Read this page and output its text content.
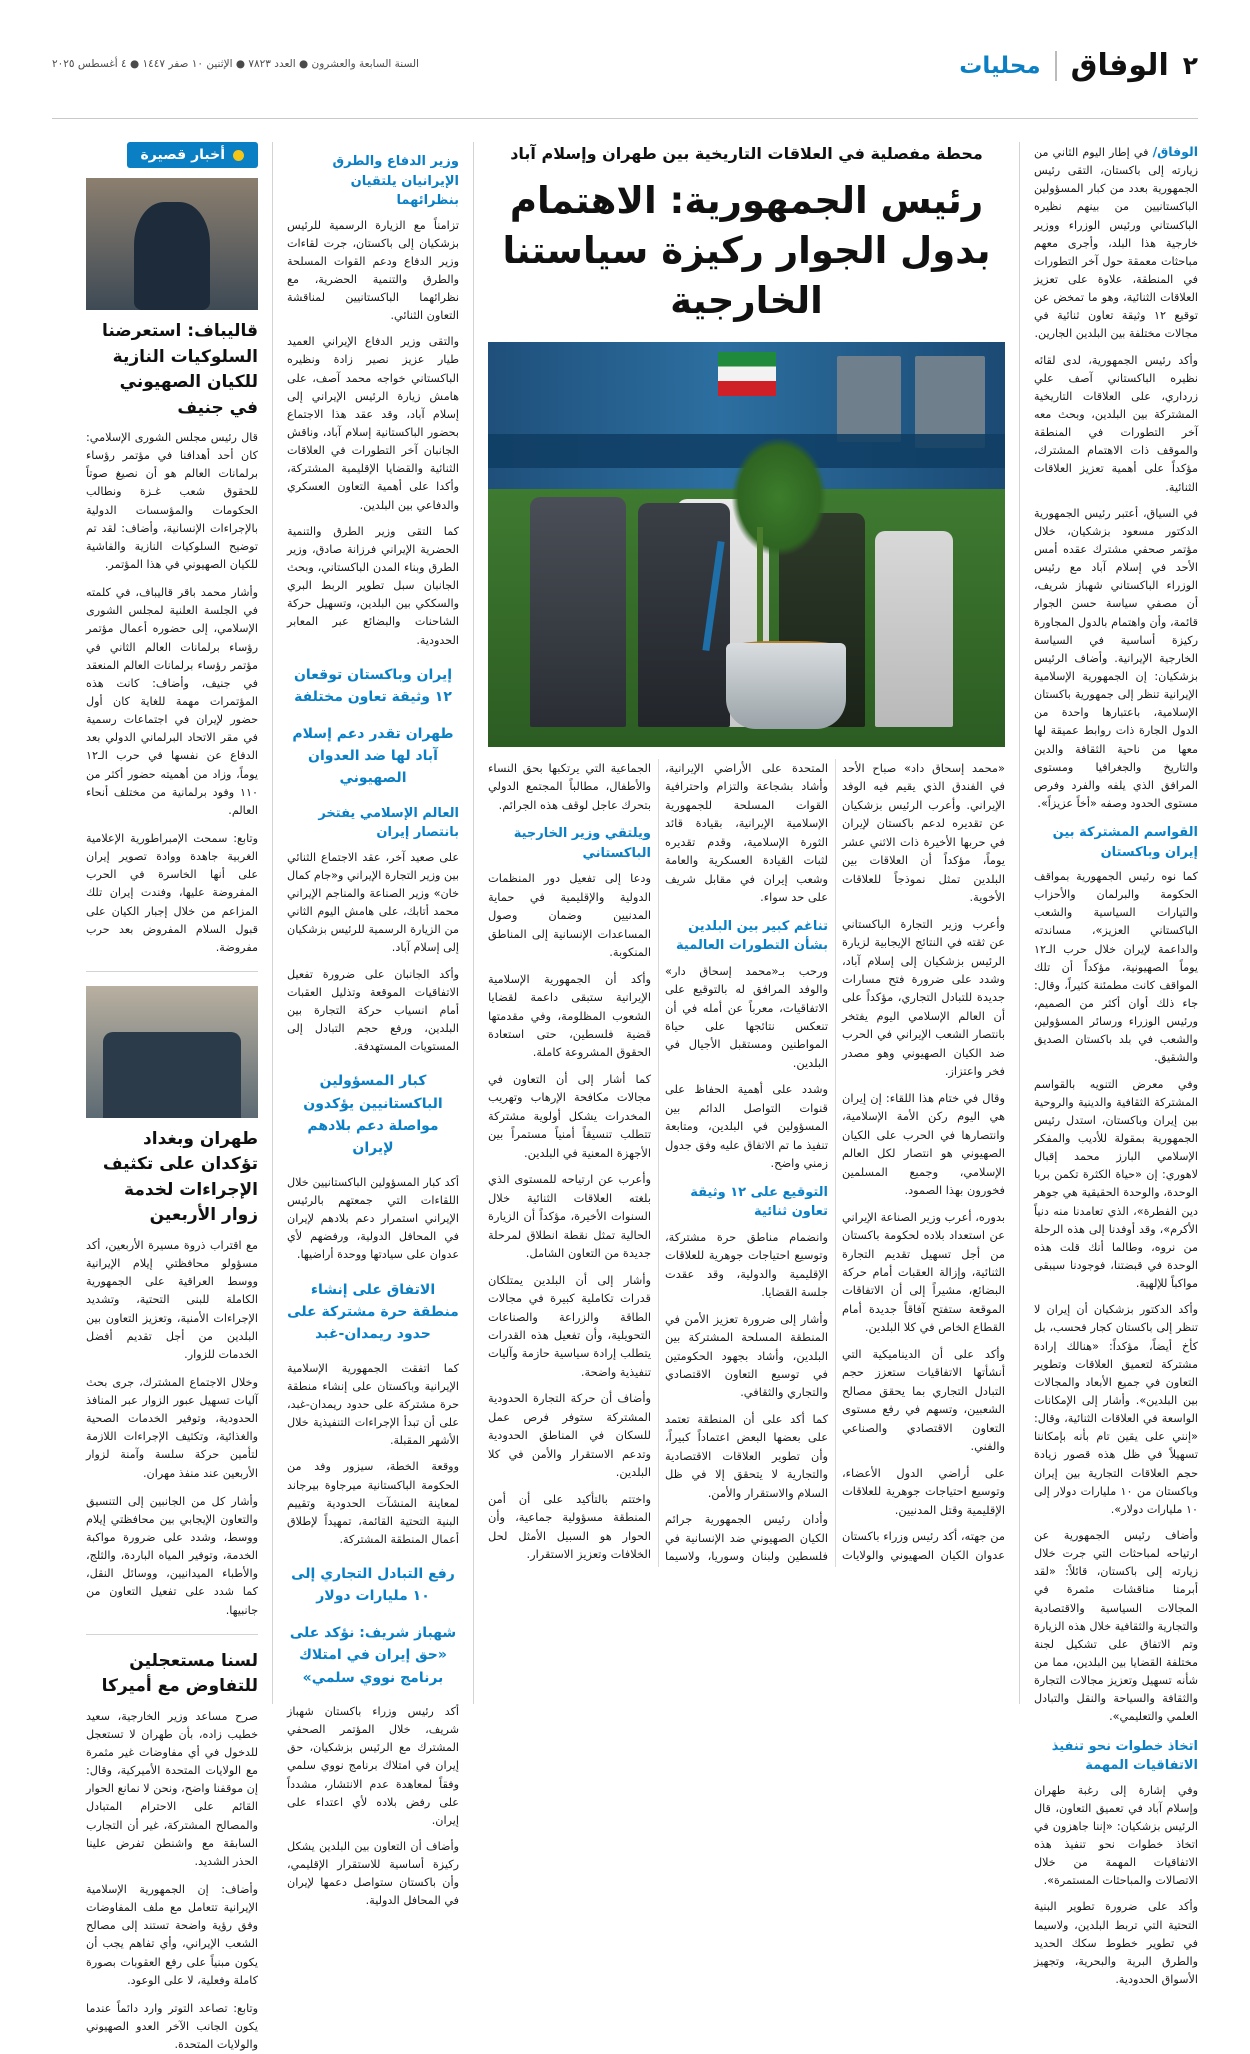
٢
الوفاق
محليات
السنة السابعة والعشرون ● العدد ٧٨٢٣ ● الإثنين ١٠ صفر ١٤٤٧ ● ٤ أغسطس ٢٠٢٥

الوفاق/ في إطار اليوم الثاني من زيارته إلى باكستان، التقى رئيس الجمهورية بعدد من كبار المسؤولين الباكستانيين من بينهم نظيره الباكستاني ورئيس الوزراء ووزير خارجية هذا البلد، وأجرى معهم مباحثات معمقة حول آخر التطورات في المنطقة، علاوة على تعزيز العلاقات الثنائية، وهو ما تمخض عن توقيع ١٢ وثيقة تعاون ثنائية في مجالات مختلفة بين البلدين الجارين.

وأكد رئيس الجمهورية، لدى لقائه نظيره الباكستاني آصف علي زرداري، على العلاقات التاريخية المشتركة بين البلدين، وبحث معه آخر التطورات في المنطقة والموقف ذات الاهتمام المشترك، مؤكداً على أهمية تعزيز العلاقات الثنائية.

في السياق، أعتبر رئيس الجمهورية الدكتور مسعود بزشكيان، خلال مؤتمر صحفي مشترك عقده أمس الأحد في إسلام آباد مع رئيس الوزراء الباكستاني شهباز شريف، أن مصفي سياسة حسن الجوار قائمة، وأن واهتمام بالدول المجاورة ركيزة أساسية في السياسة الخارجية الإيرانية. وأضاف الرئيس بزشكيان: إن الجمهورية الإسلامية الإيرانية تنظر إلى جمهورية باكستان الإسلامية، باعتبارها واحدة من الدول الجارة ذات روابط عميقة لها معها من ناحية الثقافة والدين والتاريخ والجغرافيا ومستوى المرافق الذي يلفه والفرد وفرص مستوى الحدود وصفه «أخاً عزيزاً».

القواسم المشتركة بين إيران وباكستان

كما نوه رئيس الجمهورية بمواقف الحكومة والبرلمان والأحزاب والتيارات السياسية والشعب الباكستاني العزيز»، مساندته والداعمة لإيران خلال حرب الـ١٢ يوماً الصهيونية، مؤكداً أن تلك المواقف كانت مطمئنة كثيراً، وقال: جاء ذلك أوان أكثر من الصميم، ورئيس الوزراء ورسائر المسؤولين والشعب في بلد باكستان الصديق والشقيق.

وفي معرض التنويه بالقواسم المشتركة الثقافية والدينية والروحية بين إيران وباكستان، استدل رئيس الجمهورية بمقولة للأديب والمفكر الإسلامي البارز محمد إقبال لاهوري: إن «حياة الكثرة تكمن بربا الوحدة، والوحدة الحقيقية هي جوهر دين الفطرة»، الذي تعامدنا منه دنياً الأكرم»، وقد أوفدنا إلى هذه الرحلة من نروه، وطالما أنك قلت هذه الوحدة في قبضتنا، فوجودنا سيبقى مواكباً للإلهية.

وأكد الدكتور بزشكيان أن إيران لا تنظر إلى باكستان كجار فحسب، بل كأخ أيضاً، مؤكداً: «هنالك إرادة مشتركة لتعميق العلاقات وتطوير التعاون في جميع الأبعاد والمجالات بين البلدين». وأشار إلى الإمكانات الواسعة في العلاقات الثنائية، وقال: «إنني على يقين تام بأنه بإمكاننا تسهيلاً في ظل هذه قصور زيادة حجم العلاقات التجارية بين إيران وباكستان من ١٠ مليارات دولار إلى ١٠ مليارات دولار».

وأضاف رئيس الجمهورية عن ارتياحه لمباحثات التي جرت خلال زيارته إلى باكستان، قائلاً: «لقد أبرمنا مناقشات مثمرة في المجالات السياسية والاقتصادية والتجارية والثقافية خلال هذه الزيارة وتم الاتفاق على تشكيل لجنة مختلفة القضايا بين البلدين، مما من شأنه تسهيل وتعزيز مجالات التجارة والثقافة والسياحة والنقل والتبادل العلمي والتعليمي».

اتخاذ خطوات نحو تنفيذ الاتفاقيات المهمة

وفي إشارة إلى رغبة طهران وإسلام آباد في تعميق التعاون، قال الرئيس بزشكيان: «إننا جاهزون في اتخاذ خطوات نحو تنفيذ هذه الاتفاقيات المهمة من خلال الاتصالات والمباحثات المستمرة».

وأكد على ضرورة تطوير البنية التحتية التي تربط البلدين، ولاسيما في تطوير خطوط سكك الحديد والطرق البرية والبحرية، وتجهيز الأسواق الحدودية.

محطة مفصلية في العلاقات التاريخية بين طهران وإسلام آباد
رئيس الجمهورية: الاهتمام بدول الجوار ركيزة سياستنا الخارجية

«محمد إسحاق داد» صباح الأحد في الفندق الذي يقيم فيه الوفد الإيراني. وأعرب الرئيس بزشكيان عن تقديره لدعم باكستان لإيران في حربها الأخيرة ذات الاثني عشر يوماً، مؤكداً أن العلاقات بين البلدين تمثل نموذجاً للعلاقات الأخوية.

وأعرب وزير التجارة الباكستاني عن ثقته في النتائج الإيجابية لزيارة الرئيس بزشكيان إلى إسلام آباد، وشدد على ضرورة فتح مسارات جديدة للتبادل التجاري، مؤكداً على أن العالم الإسلامي اليوم يفتخر بانتصار الشعب الإيراني في الحرب ضد الكيان الصهيوني وهو مصدر فخر واعتزاز.

وقال في ختام هذا اللقاء: إن إيران هي اليوم ركن الأمة الإسلامية، وانتصارها في الحرب على الكيان الصهيوني هو انتصار لكل العالم الإسلامي، وجميع المسلمين فخورون بهذا الصمود.

بدوره، أعرب وزير الصناعة الإيراني عن استعداد بلاده لحكومة باكستان من أجل تسهيل تقديم التجارة الثنائية، وإزالة العقبات أمام حركة البضائع، مشيراً إلى أن الاتفاقات الموقعة ستفتح آفاقاً جديدة أمام القطاع الخاص في كلا البلدين.

وأكد على أن الديناميكية التي أنشأتها الاتفاقيات ستعزز حجم التبادل التجاري بما يحقق مصالح الشعبين، وتسهم في رفع مستوى التعاون الاقتصادي والصناعي والفني.

على أراضي الدول الأعضاء، وتوسيع احتياجات جوهرية للعلاقات الإقليمية وقتل المدنيين.

من جهته، أكد رئيس وزراء باكستان عدوان الكيان الصهيوني والولايات المتحدة على الأراضي الإيرانية، وأشاد بشجاعة والتزام واحترافية القوات المسلحة للجمهورية الإسلامية الإيرانية، بقيادة قائد الثورة الإسلامية، وقدم تقديره لثبات القيادة العسكرية والعامة وشعب إيران في مقابل شريف على حد سواء.

تناغم كبير بين البلدين بشأن التطورات العالمية

ورحب بـ«محمد إسحاق دار» والوفد المرافق له بالتوقيع على الاتفاقيات، معرباً عن أمله في أن تنعكس نتائجها على حياة المواطنين ومستقبل الأجيال في البلدين.

وشدد على أهمية الحفاظ على قنوات التواصل الدائم بين المسؤولين في البلدين، ومتابعة تنفيذ ما تم الاتفاق عليه وفق جدول زمني واضح.

التوقيع على ١٢ وثيقة تعاون ثنائية

وانضمام مناطق حرة مشتركة، وتوسيع احتياجات جوهرية للعلاقات الإقليمية والدولية، وقد عقدت جلسة القضايا.

وأشار إلى ضرورة تعزيز الأمن في المنطقة المسلحة المشتركة بين البلدين، وأشاد بجهود الحكومتين في توسيع التعاون الاقتصادي والتجاري والثقافي.

كما أكد على أن المنطقة تعتمد على بعضها البعض اعتماداً كبيراً، وأن تطوير العلاقات الاقتصادية والتجارية لا يتحقق إلا في ظل السلام والاستقرار والأمن.

وأدان رئيس الجمهورية جرائم الكيان الصهيوني ضد الإنسانية في فلسطين ولبنان وسوريا، ولاسيما الجماعية التي يرتكبها بحق النساء والأطفال، مطالباً المجتمع الدولي بتحرك عاجل لوقف هذه الجرائم.

ويلتقي وزير الخارجية الباكستاني

ودعا إلى تفعيل دور المنظمات الدولية والإقليمية في حماية المدنيين وضمان وصول المساعدات الإنسانية إلى المناطق المنكوبة.

وأكد أن الجمهورية الإسلامية الإيرانية ستبقى داعمة لقضايا الشعوب المظلومة، وفي مقدمتها قضية فلسطين، حتى استعادة الحقوق المشروعة كاملة.

كما أشار إلى أن التعاون في مجالات مكافحة الإرهاب وتهريب المخدرات يشكل أولوية مشتركة تتطلب تنسيقاً أمنياً مستمراً بين الأجهزة المعنية في البلدين.

وأعرب عن ارتياحه للمستوى الذي بلغته العلاقات الثنائية خلال السنوات الأخيرة، مؤكداً أن الزيارة الحالية تمثل نقطة انطلاق لمرحلة جديدة من التعاون الشامل.

وأشار إلى أن البلدين يمتلكان قدرات تكاملية كبيرة في مجالات الطاقة والزراعة والصناعات التحويلية، وأن تفعيل هذه القدرات يتطلب إرادة سياسية حازمة وآليات تنفيذية واضحة.

وأضاف أن حركة التجارة الحدودية المشتركة ستوفر فرص عمل للسكان في المناطق الحدودية وتدعم الاستقرار والأمن في كلا البلدين.

واختتم بالتأكيد على أن أمن المنطقة مسؤولية جماعية، وأن الحوار هو السبيل الأمثل لحل الخلافات وتعزيز الاستقرار.

وزير الدفاع والطرق الإيرانيان يلتقيان بنظرائهما

تزامناً مع الزيارة الرسمية للرئيس بزشكيان إلى باكستان، جرت لقاءات وزير الدفاع ودعم القوات المسلحة والطرق والتنمية الحضرية، مع نظرائهما الباكستانيين لمناقشة التعاون الثنائي.

والتقى وزير الدفاع الإيراني العميد طيار عزيز نصير زادة ونظيره الباكستاني خواجه محمد آصف، على هامش زيارة الرئيس الإيراني إلى إسلام آباد، وقد عقد هذا الاجتماع بحضور الباكستانية إسلام آباد، وناقش الجانبان آخر التطورات في العلاقات الثنائية والقضايا الإقليمية المشتركة، وأكدا على أهمية التعاون العسكري والدفاعي بين البلدين.

كما التقى وزير الطرق والتنمية الحضرية الإيراني فرزانة صادق، وزير الطرق وبناء المدن الباكستاني، وبحث الجانبان سبل تطوير الربط البري والسككي بين البلدين، وتسهيل حركة الشاحنات والبضائع عبر المعابر الحدودية.

إيران وباكستان توقعان ١٢ وثيقة تعاون مختلفة
طهران تقدر دعم إسلام آباد لها ضد العدوان الصهيوني
العالم الإسلامي يفتخر بانتصار إيران

على صعيد آخر، عقد الاجتماع الثنائي بين وزير التجارة الإيراني و«جام كمال خان» وزير الصناعة والمناجم الإيراني محمد أتابك، على هامش اليوم الثاني من الزيارة الرسمية للرئيس بزشكيان إلى إسلام آباد.

وأكد الجانبان على ضرورة تفعيل الاتفاقيات الموقعة وتذليل العقبات أمام انسياب حركة التجارة بين البلدين، ورفع حجم التبادل إلى المستويات المستهدفة.

كبار المسؤولين الباكستانيين يؤكدون مواصلة دعم بلادهم لإيران

أكد كبار المسؤولين الباكستانيين خلال اللقاءات التي جمعتهم بالرئيس الإيراني استمرار دعم بلادهم لإيران في المحافل الدولية، ورفضهم لأي عدوان على سيادتها ووحدة أراضيها.

الاتفاق على إنشاء منطقة حرة مشتركة على حدود ريمدان-غبد

كما اتفقت الجمهورية الإسلامية الإيرانية وباكستان على إنشاء منطقة حرة مشتركة على حدود ريمدان-غبد، على أن تبدأ الإجراءات التنفيذية خلال الأشهر المقبلة.

ووقعة الخطة، سيزور وفد من الحكومة الباكستانية ميرجاوة بيرجاند لمعاينة المنشآت الحدودية وتقييم البنية التحتية القائمة، تمهيداً لإطلاق أعمال المنطقة المشتركة.

رفع التبادل التجاري إلى ١٠ مليارات دولار
شهباز شريف: نؤكد على «حق إيران في امتلاك برنامج نووي سلمي»

أكد رئيس وزراء باكستان شهباز شريف، خلال المؤتمر الصحفي المشترك مع الرئيس بزشكيان، حق إيران في امتلاك برنامج نووي سلمي وفقاً لمعاهدة عدم الانتشار، مشدداً على رفض بلاده لأي اعتداء على إيران.

وأضاف أن التعاون بين البلدين يشكل ركيزة أساسية للاستقرار الإقليمي، وأن باكستان ستواصل دعمها لإيران في المحافل الدولية.

أخبار قصيرة
قاليباف: استعرضنا السلوكيات النازية للكيان الصهيوني في جنيف

قال رئيس مجلس الشورى الإسلامي: كان أحد أهدافنا في مؤتمر رؤساء برلمانات العالم هو أن نصيغ صوتاً للحقوق شعب غـزة ونطالب الحكومات والمؤسسات الدولية بالإجراءات الإنسانية، وأضاف: لقد تم توضيح السلوكيات النازية والفاشية للكيان الصهيوني في هذا المؤتمر.

وأشار محمد باقر قاليباف، في كلمته في الجلسة العلنية لمجلس الشورى الإسلامي، إلى حضوره أعمال مؤتمر رؤساء برلمانات العالم الثاني في مؤتمر رؤساء برلمانات العالم المنعقد في جنيف، وأضاف: كانت هذه المؤتمرات مهمة للغاية كان أول حضور لإيران في اجتماعات رسمية في مقر الاتحاد البرلماني الدولي بعد الدفاع عن نفسها في حرب الـ١٢ يوماً، وزاد من أهميته حضور أكثر من ١١٠ وفود برلمانية من مختلف أنحاء العالم.

وتابع: سمحت الإمبراطورية الإعلامية الغربية جاهدة ووادة تصوير إيران على أنها الخاسرة في الحرب المفروضة عليها، وفندت إيران تلك المزاعم من خلال إجبار الكيان على قبول السلام المفروض بعد حرب مفروضة.

طهران وبغداد تؤكدان على تكثيف الإجراءات لخدمة زوار الأربعين

مع اقتراب ذروة مسيرة الأربعين، أكد مسؤولو محافظتي إيلام الإيرانية ووسط العراقية على الجمهورية الكاملة للبنى التحتية، وتشديد الإجراءات الأمنية، وتعزيز التعاون بين البلدين من أجل تقديم أفضل الخدمات للزوار.

وخلال الاجتماع المشترك، جرى بحث آليات تسهيل عبور الزوار عبر المنافذ الحدودية، وتوفير الخدمات الصحية والغذائية، وتكثيف الإجراءات اللازمة لتأمين حركة سلسة وآمنة لزوار الأربعين عند منفذ مهران.

وأشار كل من الجانبين إلى التنسيق والتعاون الإيجابي بين محافظتي إيلام ووسط، وشدد على ضرورة مواكبة الخدمة، وتوفير المياه الباردة، والثلج، والأطباء الميدانيين، ووسائل النقل، كما شدد على تفعيل التعاون من جانبيها.

لسنا مستعجلين للتفاوض مع أميركا

صرح مساعد وزير الخارجية، سعيد خطيب زاده، بأن طهران لا تستعجل للدخول في أي مفاوضات غير مثمرة مع الولايات المتحدة الأميركية، وقال: إن موقفنا واضح، ونحن لا نمانع الحوار القائم على الاحترام المتبادل والمصالح المشتركة، غير أن التجارب السابقة مع واشنطن تفرض علينا الحذر الشديد.

وأضاف: إن الجمهورية الإسلامية الإيرانية تتعامل مع ملف المفاوضات وفق رؤية واضحة تستند إلى مصالح الشعب الإيراني، وأي تفاهم يجب أن يكون مبنياً على رفع العقوبات بصورة كاملة وفعلية، لا على الوعود.

وتابع: تصاعد التوتر وارد دائماً عندما يكون الجانب الآخر العدو الصهيوني والولايات المتحدة.
